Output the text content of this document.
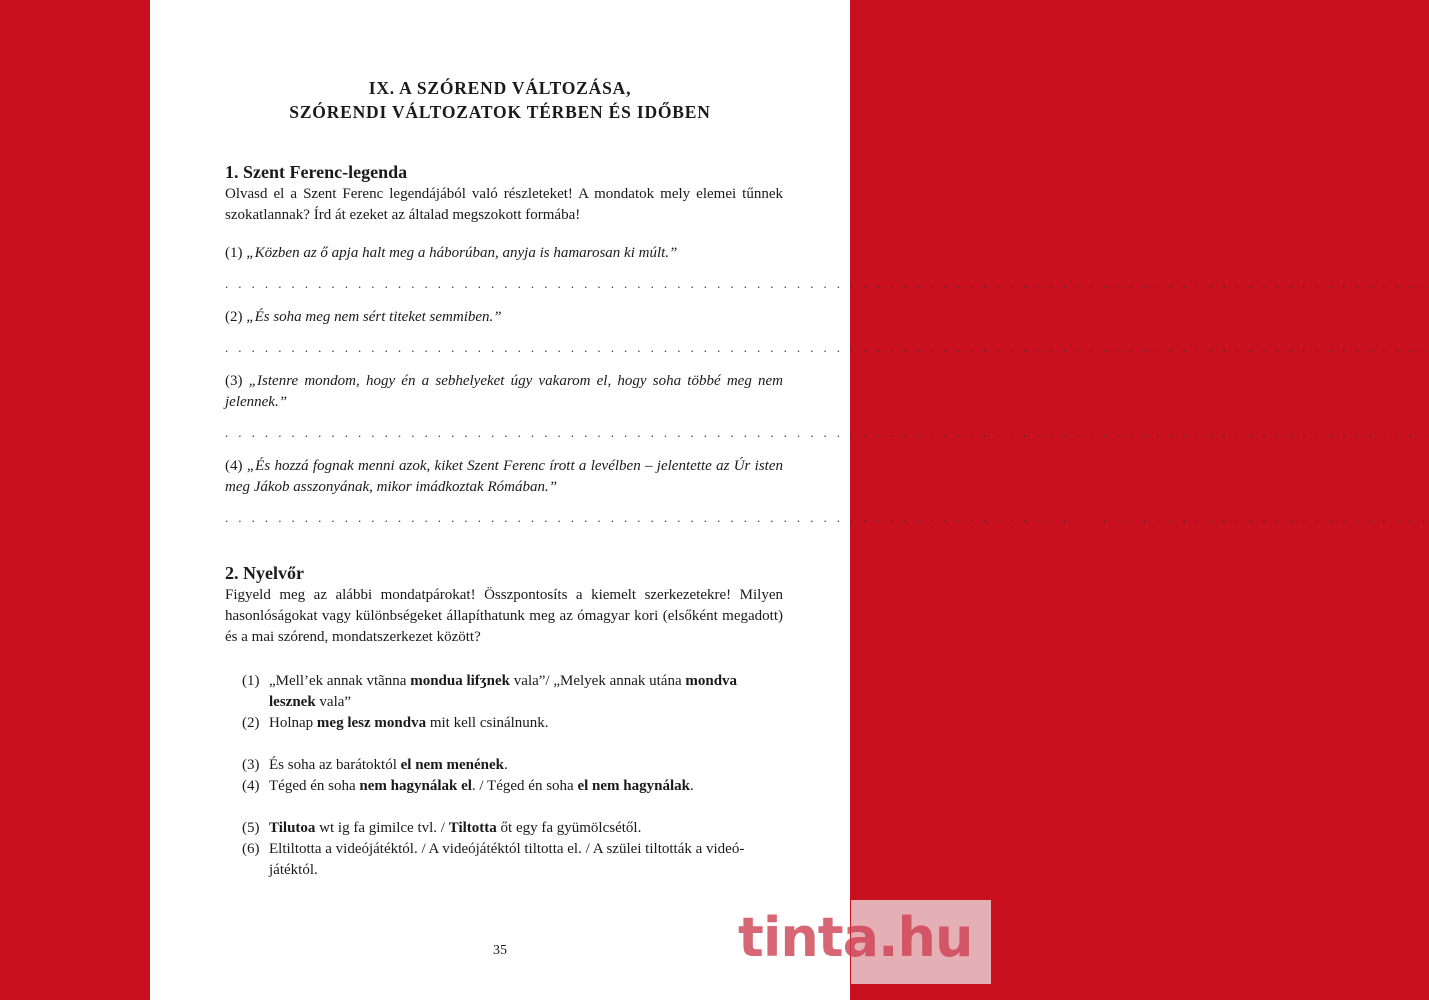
IX. A SZÓREND VÁLTOZÁSA,
SZÓRENDI VÁLTOZATOK TÉRBEN ÉS IDŐBEN
1. Szent Ferenc-legenda

Olvasd el a Szent Ferenc legendájából való részleteket! A mondatok mely elemei tűnnek szokatlannak? Írd át ezeket az általad megszokott formába!

(1) „Közben az ő apja halt meg a háborúban, anyja is hamarosan ki múlt.”

. . . . . . . . . . . . . . . . . . . . . . . . . . . . . . . . . . . . . . . . . . . . . . . . . . . . . . . . . . . . . . . . . . . . . . . . . . . . . . . . . . . . . . . . . . .

(2) „És soha meg nem sért titeket semmiben.”

. . . . . . . . . . . . . . . . . . . . . . . . . . . . . . . . . . . . . . . . . . . . . . . . . . . . . . . . . . . . . . . . . . . . . . . . . . . . . . . . . . . . . . . . . . .

(3) „Istenre mondom, hogy én a sebhelyeket úgy vakarom el, hogy soha többé meg nem jelennek.”

. . . . . . . . . . . . . . . . . . . . . . . . . . . . . . . . . . . . . . . . . . . . . . . . . . . . . . . . . . . . . . . . . . . . . . . . . . . . . . . . . . . . . . . . . . .

(4) „És hozzá fognak menni azok, kiket Szent Ferenc írott a levélben – jelentette az Úr isten meg Jákob asszonyának, mikor imádkoztak Rómában.”

. . . . . . . . . . . . . . . . . . . . . . . . . . . . . . . . . . . . . . . . . . . . . . . . . . . . . . . . . . . . . . . . . . . . . . . . . . . . . . . . . . . . . . . . . . .
2. Nyelvőr

Figyeld meg az alábbi mondatpárokat! Összpontosíts a kiemelt szerkezetekre! Milyen hasonlóságokat vagy különbségeket állapíthatunk meg az ómagyar kori (elsőként megadott) és a mai szórend, mondatszerkezet között?

(1) „Mell’ek annak vtãnna mondua lifʒnek vala”/ „Melyek annak utána mondva lesznek vala”
(2) Holnap meg lesz mondva mit kell csinálnunk.
(3) És soha az barátoktól el nem menének.
(4) Téged én soha nem hagynálak el. / Téged én soha el nem hagynálak.
(5) Tilutoa wt ig fa gimilce tvl. / Tiltotta őt egy fa gyümölcsétől.
(6) Eltiltotta a videójátéktól. / A videójátéktól tiltotta el. / A szülei tiltották a videó-játéktól.
35	tinta.hu
